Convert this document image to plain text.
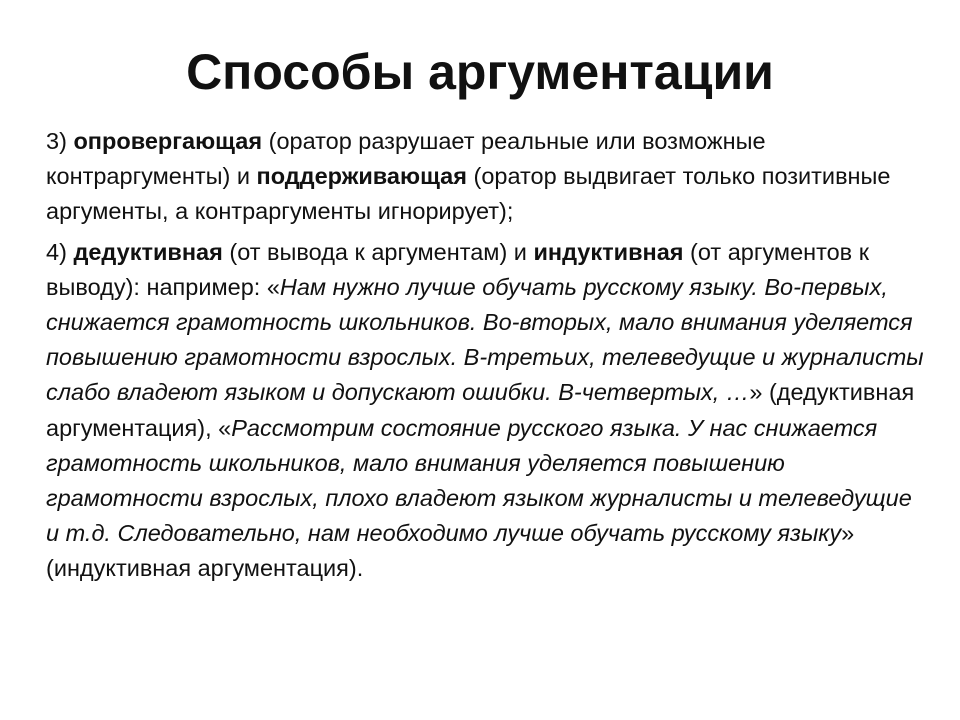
Способы аргументации

3) опровергающая (оратор разрушает реальные или возможные контраргументы) и поддерживающая (оратор выдвигает только позитивные аргументы, а контраргументы игнорирует);

4) дедуктивная (от вывода к аргументам) и индуктивная (от аргументов к выводу): например: «Нам нужно лучше обучать русскому языку. Во-первых, снижается грамотность школьников. Во-вторых, мало внимания уделяется повышению грамотности взрослых. В-третьих, телеведущие и журналисты слабо владеют языком и допускают ошибки. В-четвертых, …» (дедуктивная аргументация), «Рассмотрим состояние русского языка. У нас снижается грамотность школьников, мало внимания уделяется повышению грамотности взрослых, плохо владеют языком журналисты и телеведущие и т.д. Следовательно, нам необходимо лучше обучать русскому языку» (индуктивная аргументация).
